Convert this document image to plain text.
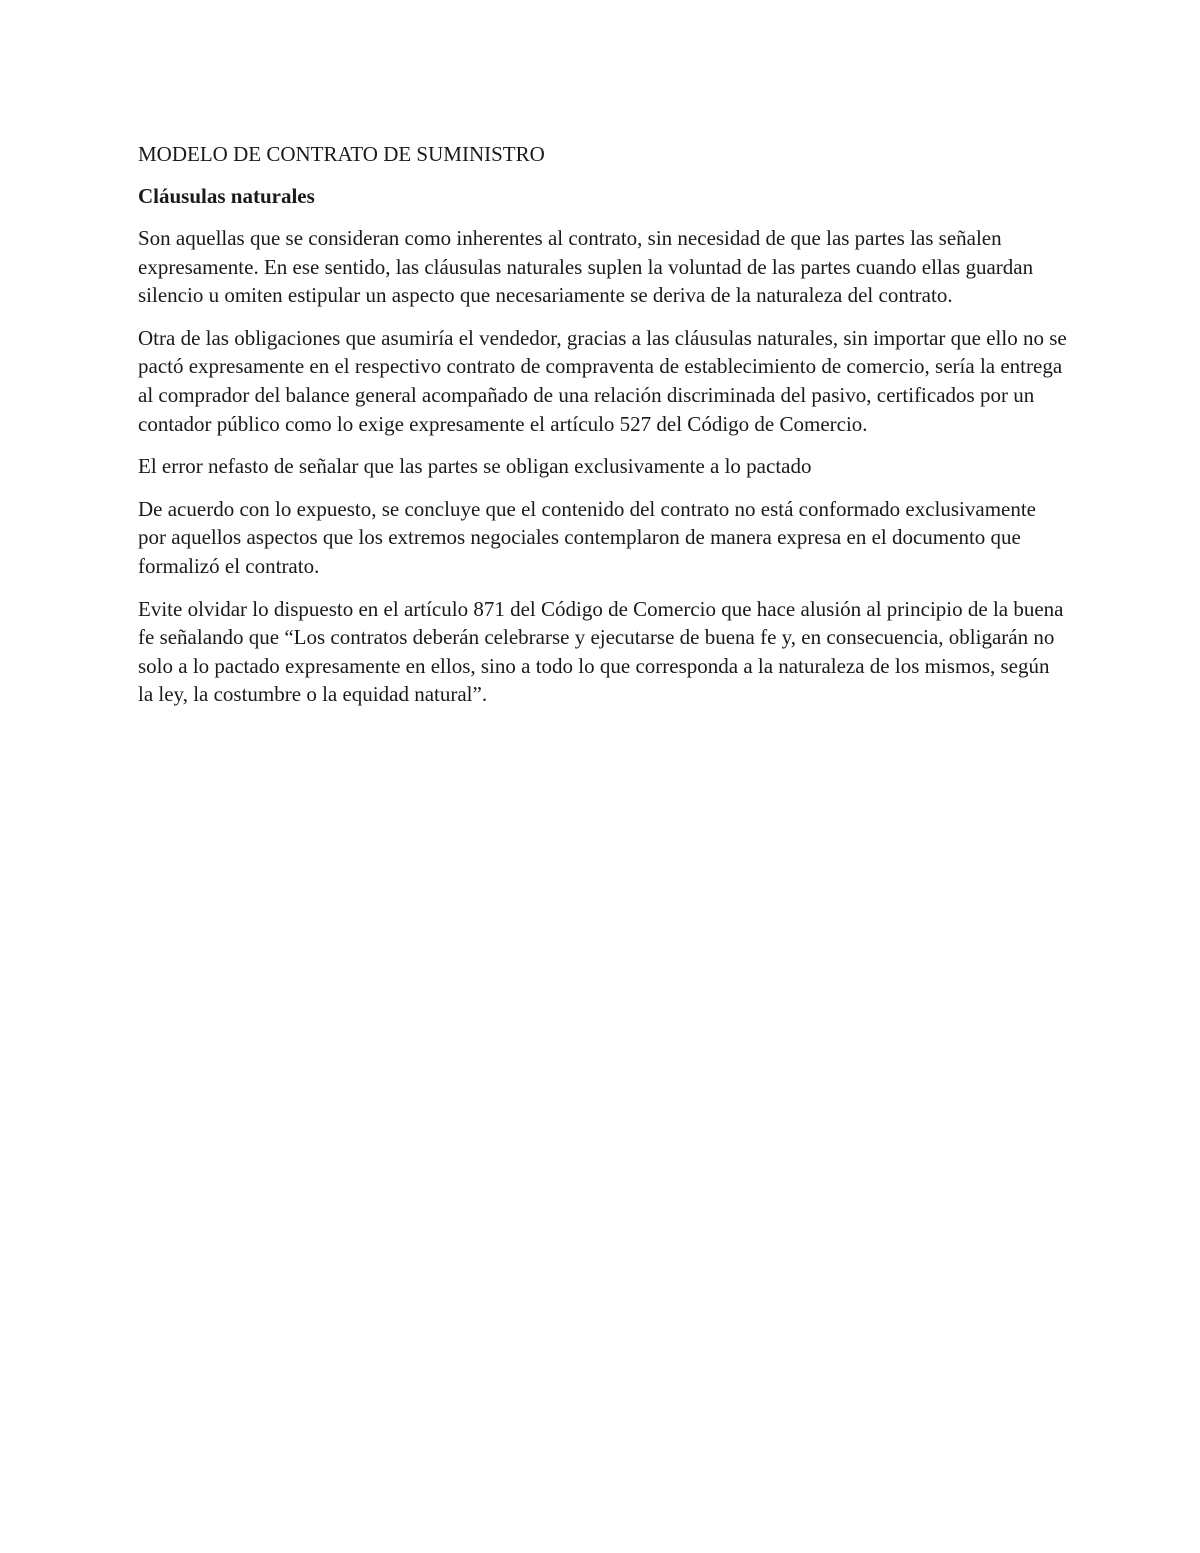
MODELO DE CONTRATO DE SUMINISTRO
Cláusulas naturales

Son aquellas que se consideran como inherentes al contrato, sin necesidad de que las partes las señalen expresamente. En ese sentido, las cláusulas naturales suplen la voluntad de las partes cuando ellas guardan silencio u omiten estipular un aspecto que necesariamente se deriva de la naturaleza del contrato.

Otra de las obligaciones que asumiría el vendedor, gracias a las cláusulas naturales, sin importar que ello no se pactó expresamente en el respectivo contrato de compraventa de establecimiento de comercio, sería la entrega al comprador del balance general acompañado de una relación discriminada del pasivo, certificados por un contador público como lo exige expresamente el artículo 527 del Código de Comercio.

El error nefasto de señalar que las partes se obligan exclusivamente a lo pactado

De acuerdo con lo expuesto, se concluye que el contenido del contrato no está conformado exclusivamente por aquellos aspectos que los extremos negociales contemplaron de manera expresa en el documento que formalizó el contrato.

Evite olvidar lo dispuesto en el artículo 871 del Código de Comercio que hace alusión al principio de la buena fe señalando que “Los contratos deberán celebrarse y ejecutarse de buena fe y, en consecuencia, obligarán no solo a lo pactado expresamente en ellos, sino a todo lo que corresponda a la naturaleza de los mismos, según la ley, la costumbre o la equidad natural”.
